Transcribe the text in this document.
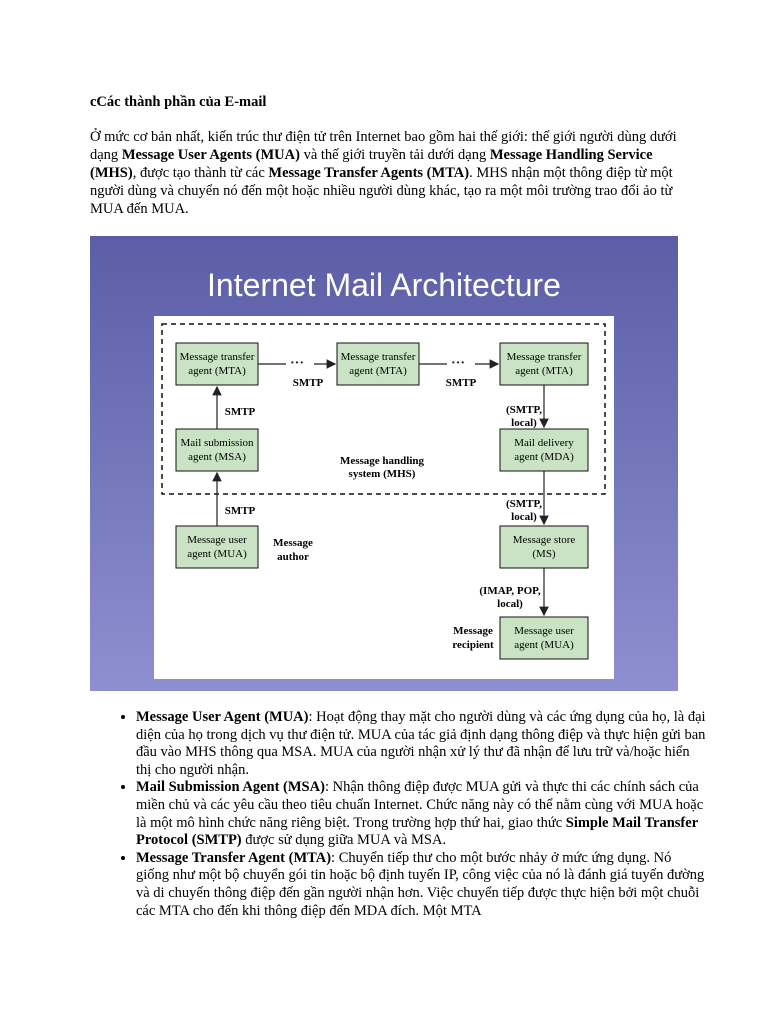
cCác thành phần của E-mail
Ở mức cơ bản nhất, kiến trúc thư điện tử trên Internet bao gồm hai thế giới: thế giới người dùng dưới dạng Message User Agents (MUA) và thế giới truyền tải dưới dạng Message Handling Service (MHS), được tạo thành từ các Message Transfer Agents (MTA). MHS nhận một thông điệp từ một người dùng và chuyển nó đến một hoặc nhiều người dùng khác, tạo ra một môi trường trao đổi ảo từ MUA đến MUA.
Internet Mail Architecture
Message transfer
agent (MTA)
Message transfer
agent (MTA)
Message transfer
agent (MTA)
Mail submission
agent (MSA)
Mail delivery
agent (MDA)
Message user
agent (MUA)
Message store
(MS)
Message user
agent (MUA)
···	···
SMTP	SMTP
SMTP
SMTP
(SMTP,
local)
(SMTP,
local)
(IMAP, POP,
local)
Message handling
system (MHS)
Message
author
Message
recipient
• Message User Agent (MUA): Hoạt động thay mặt cho người dùng và các ứng dụng của họ, là đại diện của họ trong dịch vụ thư điện tử. MUA của tác giả định dạng thông điệp và thực hiện gửi ban đầu vào MHS thông qua MSA. MUA của người nhận xử lý thư đã nhận để lưu trữ và/hoặc hiển thị cho người nhận.
• Mail Submission Agent (MSA): Nhận thông điệp được MUA gửi và thực thi các chính sách của miền chủ và các yêu cầu theo tiêu chuẩn Internet. Chức năng này có thể nằm cùng với MUA hoặc là một mô hình chức năng riêng biệt. Trong trường hợp thứ hai, giao thức Simple Mail Transfer Protocol (SMTP) được sử dụng giữa MUA và MSA.
• Message Transfer Agent (MTA): Chuyển tiếp thư cho một bước nhảy ở mức ứng dụng. Nó giống như một bộ chuyển gói tin hoặc bộ định tuyến IP, công việc của nó là đánh giá tuyến đường và di chuyển thông điệp đến gần người nhận hơn. Việc chuyển tiếp được thực hiện bởi một chuỗi các MTA cho đến khi thông điệp đến MDA đích. Một MTA
